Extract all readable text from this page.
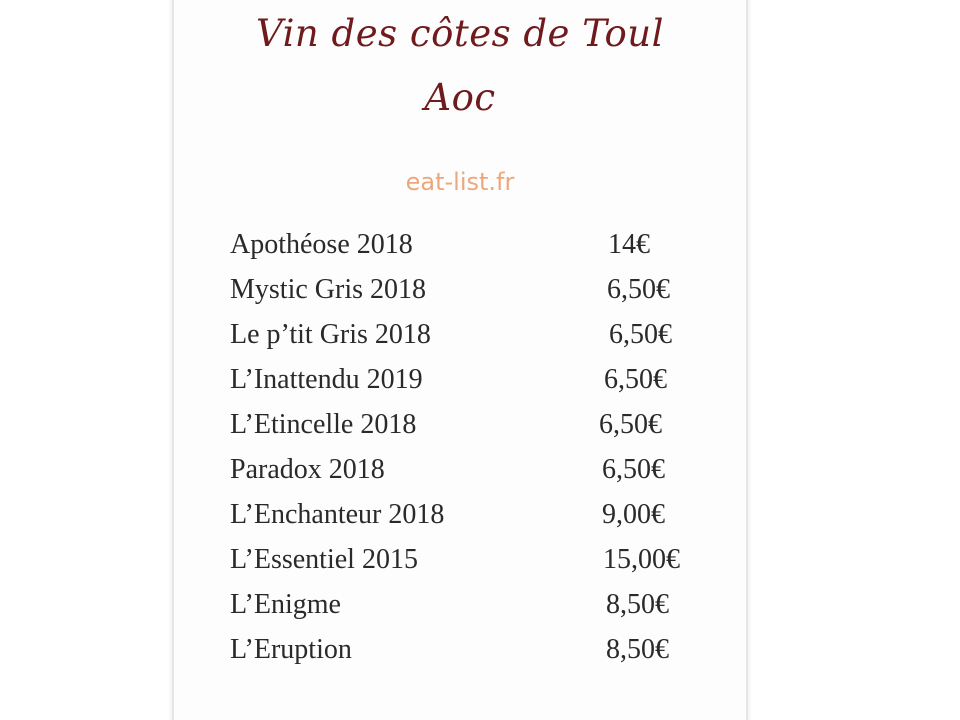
Vin des côtes de Toul
Aoc
eat-list.fr
Apothéose 2018	14€
Mystic Gris 2018	6,50€
Le p’tit Gris 2018	6,50€
L’Inattendu 2019	6,50€
L’Etincelle 2018	6,50€
Paradox 2018	6,50€
L’Enchanteur 2018	9,00€
L’Essentiel 2015	15,00€
L’Enigme	8,50€
L’Eruption	8,50€
